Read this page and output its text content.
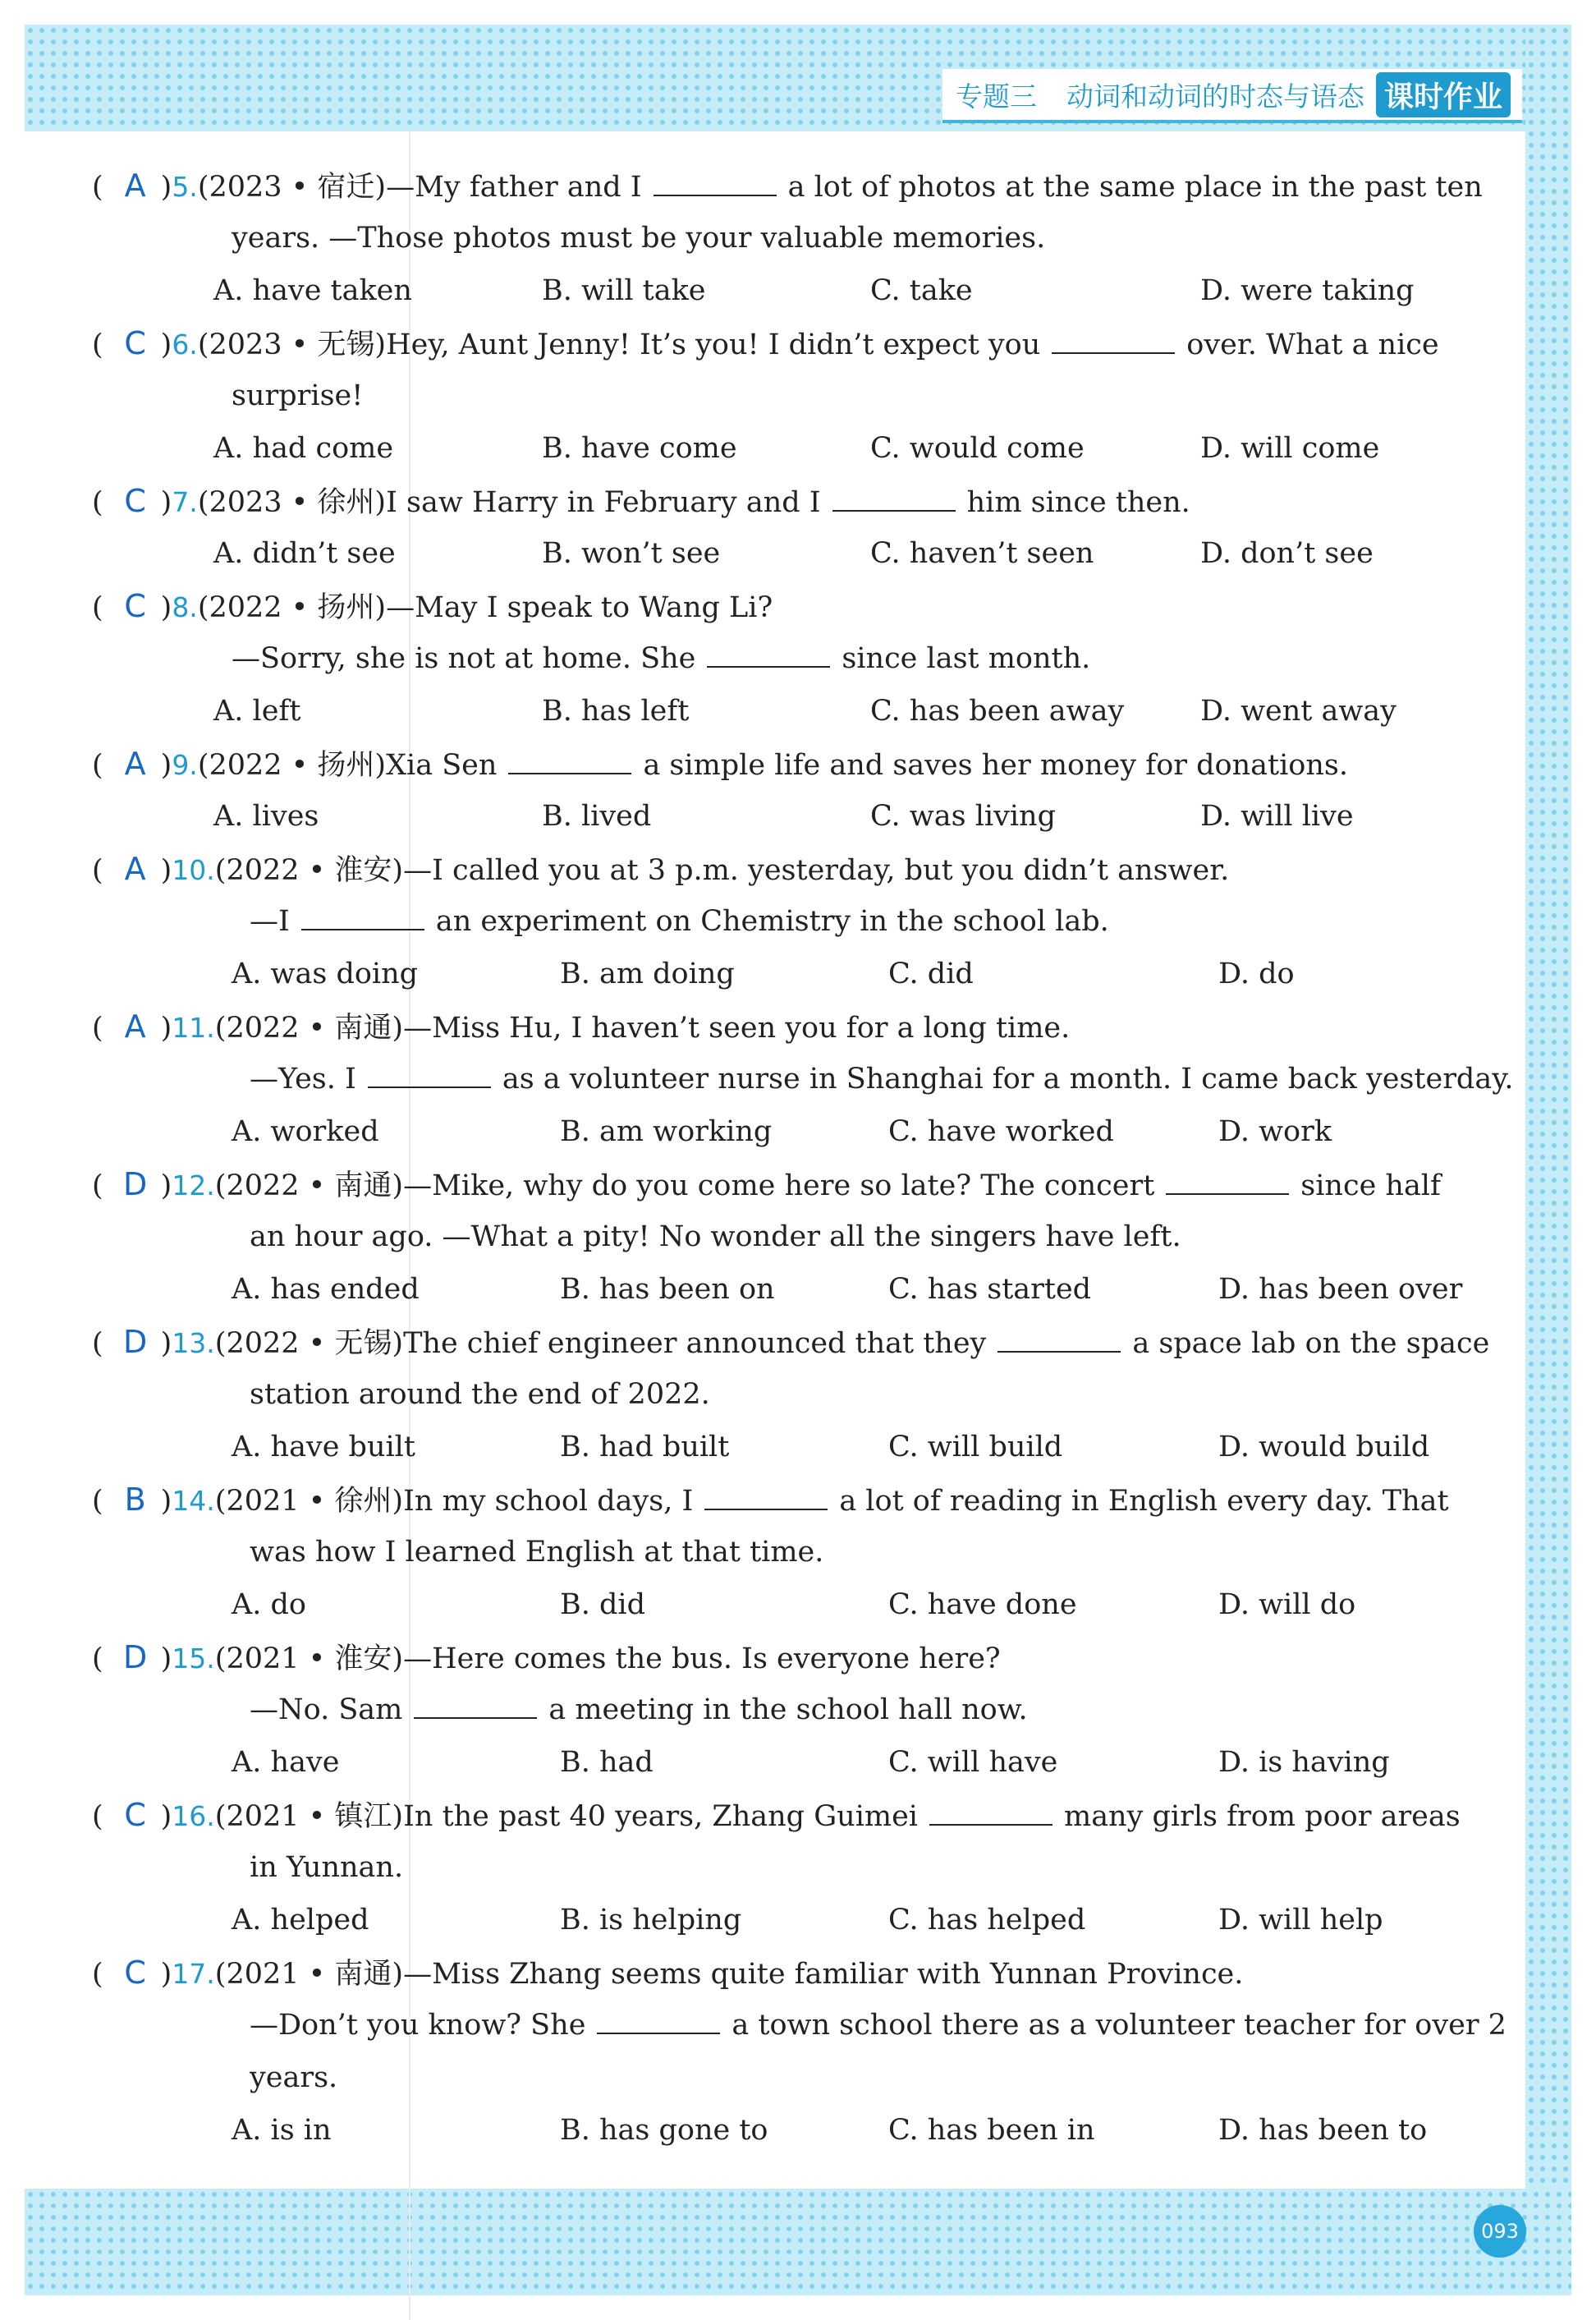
专题三 动词和动词的时态与语态 课时作业
( A )5.(2023 • 宿迁)—My father and I	a lot of photos at the same place in the past ten
years. —Those photos must be your valuable memories.
A. have taken	B. will take	C. take	D. were taking
( C )6.(2023 • 无锡)Hey, Aunt Jenny! It’s you! I didn’t expect you	over. What a nice
surprise!
A. had come	B. have come	C. would come	D. will come
( C )7.(2023 • 徐州)I saw Harry in February and I	him since then.
A. didn’t see	B. won’t see	C. haven’t seen	D. don’t see
( C )8.(2022 • 扬州)—May I speak to Wang Li?
—Sorry, she is not at home. She	since last month.
A. left	B. has left	C. has been away	D. went away
( A )9.(2022 • 扬州)Xia Sen	a simple life and saves her money for donations.
A. lives	B. lived	C. was living	D. will live
( A )10.(2022 • 淮安)—I called you at 3 p.m. yesterday, but you didn’t answer.
—I	an experiment on Chemistry in the school lab.
A. was doing	B. am doing	C. did	D. do
( A )11.(2022 • 南通)—Miss Hu, I haven’t seen you for a long time.
—Yes. I	as a volunteer nurse in Shanghai for a month. I came back yesterday.
A. worked	B. am working	C. have worked	D. work
( D )12.(2022 • 南通)—Mike, why do you come here so late? The concert	since half
an hour ago. —What a pity! No wonder all the singers have left.
A. has ended	B. has been on	C. has started	D. has been over
( D )13.(2022 • 无锡)The chief engineer announced that they	a space lab on the space
station around the end of 2022.
A. have built	B. had built	C. will build	D. would build
( B )14.(2021 • 徐州)In my school days, I	a lot of reading in English every day. That
was how I learned English at that time.
A. do	B. did	C. have done	D. will do
( D )15.(2021 • 淮安)—Here comes the bus. Is everyone here?
—No. Sam	a meeting in the school hall now.
A. have	B. had	C. will have	D. is having
( C )16.(2021 • 镇江)In the past 40 years, Zhang Guimei	many girls from poor areas
in Yunnan.
A. helped	B. is helping	C. has helped	D. will help
( C )17.(2021 • 南通)—Miss Zhang seems quite familiar with Yunnan Province.
—Don’t you know? She	a town school there as a volunteer teacher for over 2
years.
A. is in	B. has gone to	C. has been in	D. has been to
093
